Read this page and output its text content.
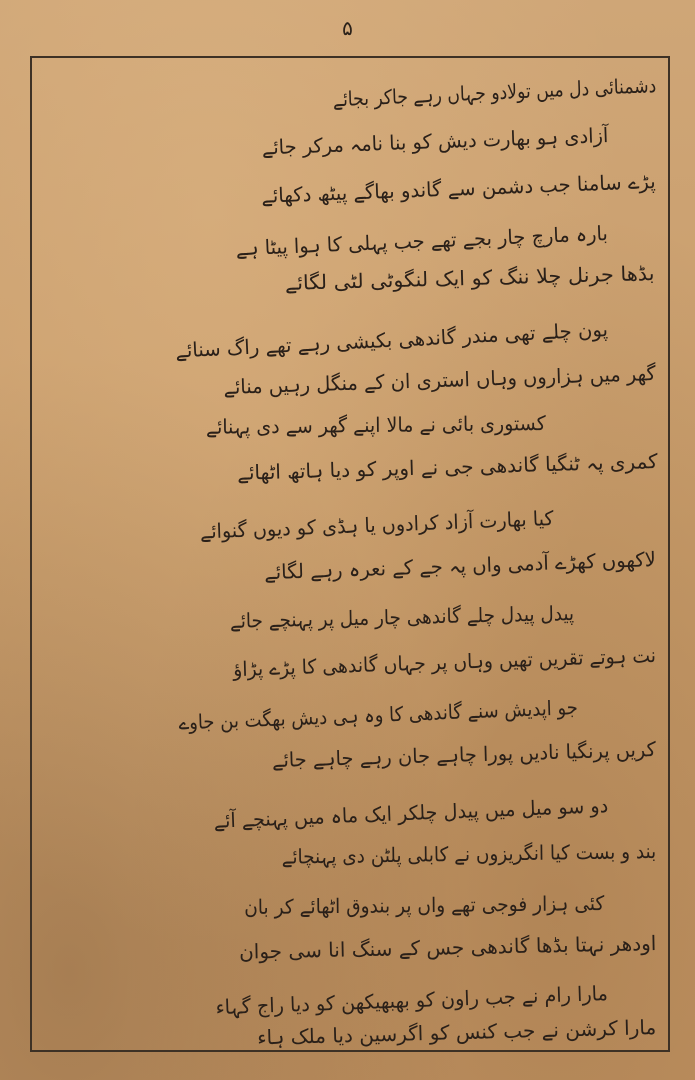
۵
دشمنائی دل میں تولادو جہاں رہے جاکر بجائے
آزادی ہو بھارت دیش کو بنا نامہ مرکر جائے
پڑے سامنا جب دشمن سے گاندو بھاگے پیٹھ دکھائے
بارہ مارچ چار بجے تھے جب پہلی کا ہوا پیٹا ہے
بڈھا جرنل چلا ننگ کو ایک لنگوٹی لٹی لگائے
پون چلے تھی مندر گاندھی بکیشی رہے تھے راگ سنائے
گھر میں ہزاروں وہاں استری ان کے منگل رہیں منائے
کستوری بائی نے مالا اپنے گھر سے دی پہنائے
کمری پہ ٹنگیا گاندھی جی نے اوپر کو دیا ہاتھ اٹھائے
کیا بھارت آزاد کرادوں یا ہڈی کو دیوں گنوائے
لاکھوں کھڑے آدمی واں پہ جے کے نعرہ رہے لگائے
پیدل پیدل چلے گاندھی چار میل پر پہنچے جائے
نت ہوتے تقریں تھیں وہاں پر جہاں گاندھی کا پڑے پڑاؤ
جو اپدیش سنے گاندھی کا وہ ہی دیش بھگت بن جاوے
کریں پرنگیا نادیں پورا چاہے جان رہے چاہے جائے
دو سو میل میں پیدل چلکر ایک ماہ میں پہنچے آئے
بند و بست کیا انگریزوں نے کابلی پلٹن دی پہنچائے
کئی ہزار فوجی تھے واں پر بندوق اٹھائے کر بان
اودھر نہتا بڈھا گاندھی جس کے سنگ انا سی جوان
مارا رام نے جب راون کو بھبھیکھن کو دیا راج گہاء
مارا کرشن نے جب کنس کو اگرسین دیا ملک ہاء
